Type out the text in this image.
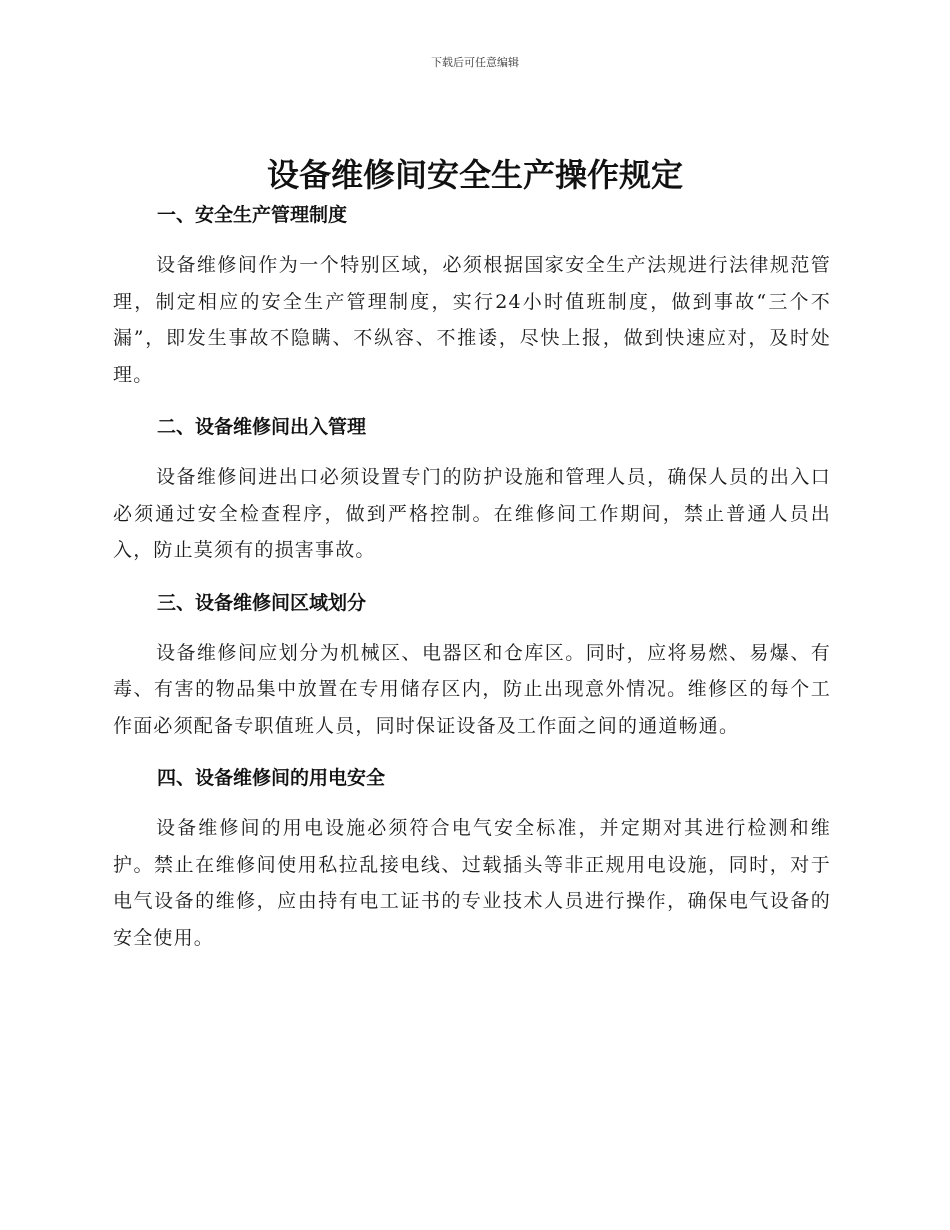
下载后可任意编辑
设备维修间安全生产操作规定
一、安全生产管理制度

设备维修间作为一个特别区域，必须根据国家安全生产法规进行法律规范管理，制定相应的安全生产管理制度，实行24小时值班制度，做到事故“三个不漏”，即发生事故不隐瞒、不纵容、不推诿，尽快上报，做到快速应对，及时处理。

二、设备维修间出入管理

设备维修间进出口必须设置专门的防护设施和管理人员，确保人员的出入口必须通过安全检查程序，做到严格控制。在维修间工作期间，禁止普通人员出入，防止莫须有的损害事故。

三、设备维修间区域划分

设备维修间应划分为机械区、电器区和仓库区。同时，应将易燃、易爆、有毒、有害的物品集中放置在专用储存区内，防止出现意外情况。维修区的每个工作面必须配备专职值班人员，同时保证设备及工作面之间的通道畅通。

四、设备维修间的用电安全

设备维修间的用电设施必须符合电气安全标准，并定期对其进行检测和维护。禁止在维修间使用私拉乱接电线、过载插头等非正规用电设施，同时，对于电气设备的维修，应由持有电工证书的专业技术人员进行操作，确保电气设备的安全使用。
